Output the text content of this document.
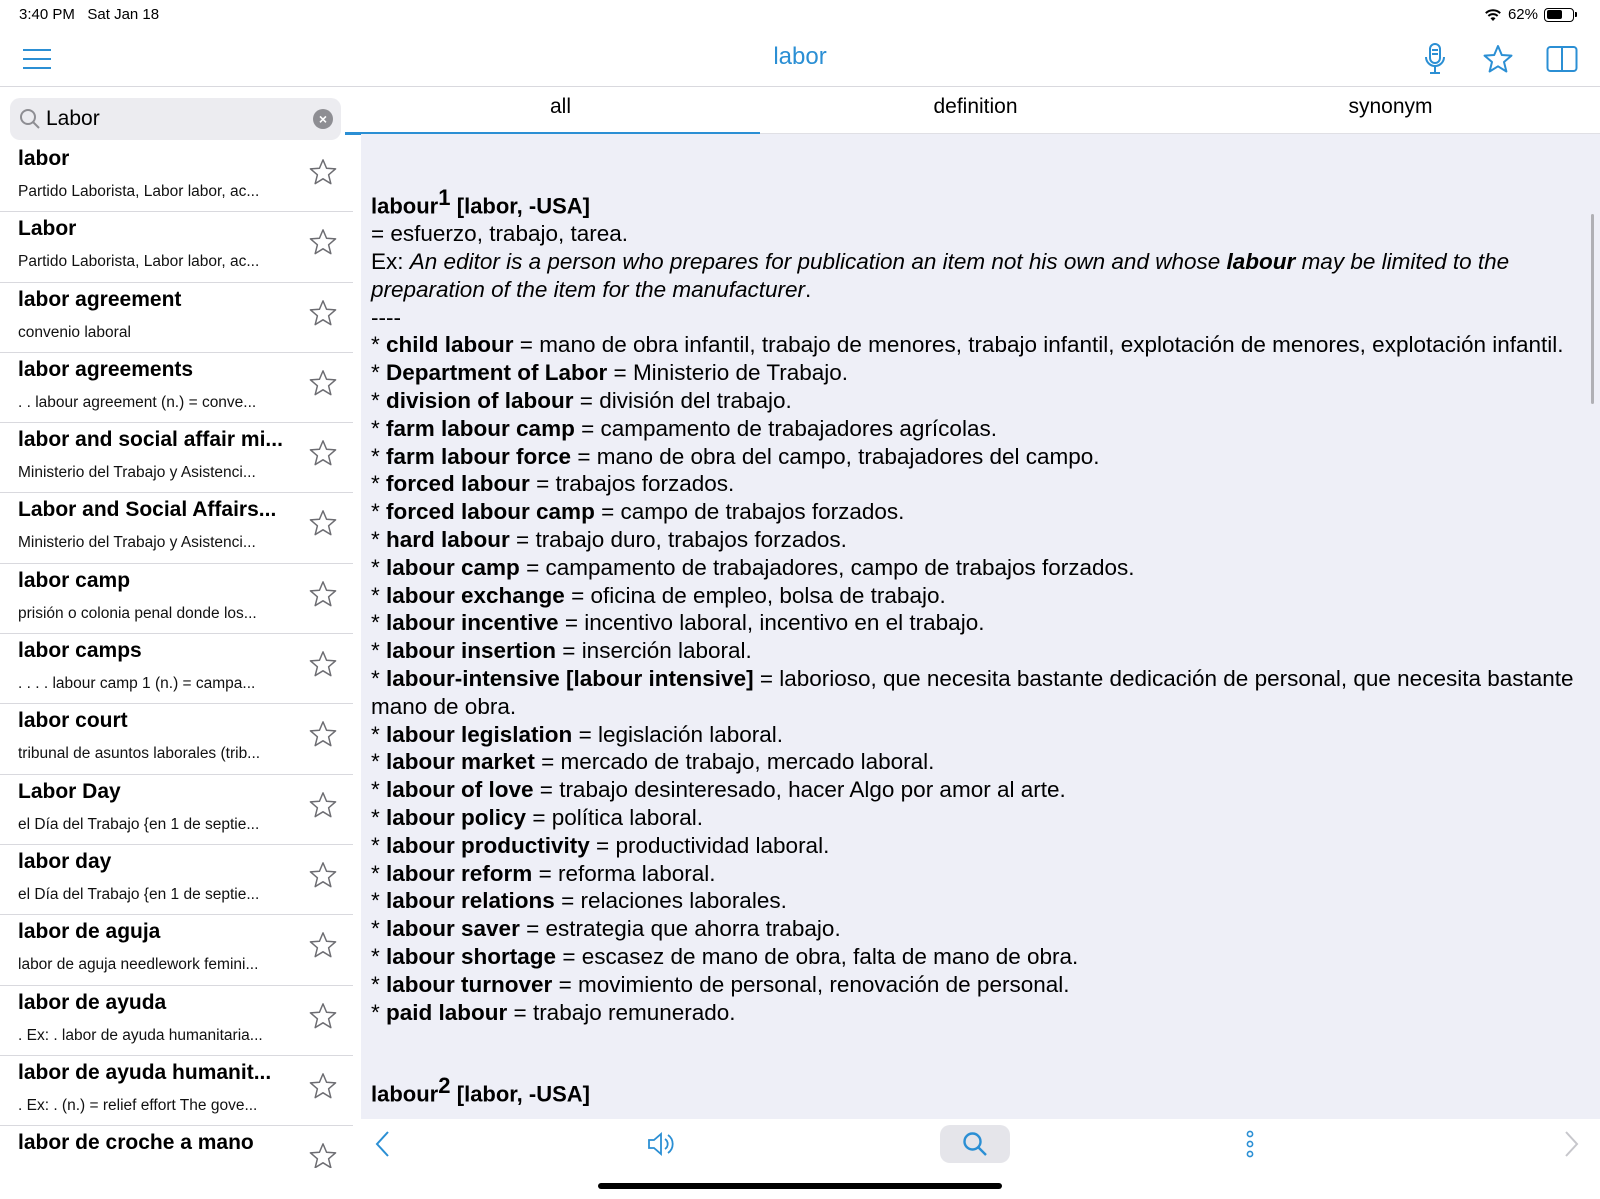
3:40 PM Sat Jan 18	62%
labor
Labor
×
labor
Partido Laborista, Labor labor, ac...
Labor
Partido Laborista, Labor labor, ac...
labor agreement
convenio laboral
labor agreements
. . labour agreement (n.) = conve...
labor and social affair mi...
Ministerio del Trabajo y Asistenci...
Labor and Social Affairs...
Ministerio del Trabajo y Asistenci...
labor camp
prisión o colonia penal donde los...
labor camps
. . . . labour camp 1 (n.) = campa...
labor court
tribunal de asuntos laborales (trib...
Labor Day
el Día del Trabajo {en 1 de septie...
labor day
el Día del Trabajo {en 1 de septie...
labor de aguja
labor de aguja needlework femini...
labor de ayuda
. Ex: . labor de ayuda humanitaria...
labor de ayuda humanit...
. Ex: . (n.) = relief effort The gove...
labor de croche a mano
all	definition	synonym
labour$^1$ [labor, -USA]
= esfuerzo, trabajo, tarea.
Ex: An editor is a person who prepares for publication an item not his own and whose labour may be limited to the preparation of the item for the manufacturer.
----
* child labour = mano de obra infantil, trabajo de menores, trabajo infantil, explotación de menores, explotación infantil.
* Department of Labor = Ministerio de Trabajo.
* division of labour = división del trabajo.
* farm labour camp = campamento de trabajadores agrícolas.
* farm labour force = mano de obra del campo, trabajadores del campo.
* forced labour = trabajos forzados.
* forced labour camp = campo de trabajos forzados.
* hard labour = trabajo duro, trabajos forzados.
* labour camp = campamento de trabajadores, campo de trabajos forzados.
* labour exchange = oficina de empleo, bolsa de trabajo.
* labour incentive = incentivo laboral, incentivo en el trabajo.
* labour insertion = inserción laboral.
* labour-intensive [labour intensive] = laborioso, que necesita bastante dedicación de personal, que necesita bastante mano de obra.
* labour legislation = legislación laboral.
* labour market = mercado de trabajo, mercado laboral.
* labour of love = trabajo desinteresado, hacer Algo por amor al arte.
* labour policy = política laboral.
* labour productivity = productividad laboral.
* labour reform = reforma laboral.
* labour relations = relaciones laborales.
* labour saver = estrategia que ahorra trabajo.
* labour shortage = escasez de mano de obra, falta de mano de obra.
* labour turnover = movimiento de personal, renovación de personal.
* paid labour = trabajo remunerado.
labour$^2$ [labor, -USA]
